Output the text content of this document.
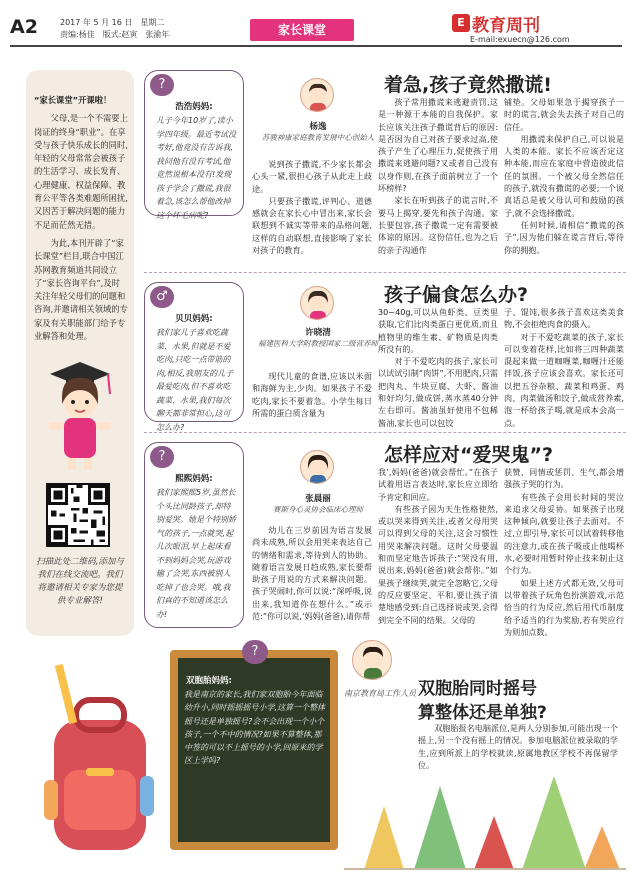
A2	2017 年 5 月 16 日　星期二
责编:杨佳　版式:赵寅　张渝年	家长课堂
E 教育周刊
E-mail:exuecn@126.com

“家长课堂”开课啦！

父母,是一个不需要上岗证的终身“职业”。在享受与孩子快乐成长的同时,年轻的父母常常会被孩子的生活学习、成长发育、心理健康、权益保障、教育公平等各类难题所困扰,又因苦于解决问题的能力不足而茫然无措。

为此,本刊开辟了“家长课堂”栏目,联合中国江苏网教育频道共同设立了“家长咨询平台”,及时关注年轻父母们的问题和咨询,并邀请相关领域的专家及有关职能部门给予专业解答和处理。

扫描此处二维码,添加与我们在线交流吧。我们将邀请相关专家为您提供专业解答!
?
浩浩妈妈:
儿子今年10岁了,读小学四年级。最近考试没考好,他竟没有告诉我,我问他有没有考试,他竟然说根本没有!发现孩子学会了撒谎,我很着急,该怎么帮他改掉这个坏毛病呢?
杨逸
苏骏神康家庭教育发展中心创始人
着急,孩子竟然撒谎!

说到孩子撒谎,不少家长都会心头一紧,很担心孩子从此走上歧途。
只要孩子撒谎,评判心、道德感就会在家长心中冒出来,家长会联想到不诚实等带来的品格问题,这样的自动联想,直接影响了家长对孩子的教育。

孩子常用撒谎来逃避责罚,这是一种源于本能的自我保护。家长应该关注孩子撒谎背后的原因:是否因为自己对孩子要求过高,使孩子产生了心理压力,促使孩子用撒谎来逃避问题?又或者自己没有以身作则,在孩子面前树立了一个坏榜样?
家长在听到孩子的谎言时,不要马上揭穿,要先和孩子沟通。家长要包容,孩子撒谎一定有需要被体谅的原因。这份信任,也为之后的亲子沟通作

铺垫。父母如果急于揭穿孩子一时的谎言,就会失去孩子对自己的信任。
用撒谎来保护自己,可以说是人类的本能。家长不应该否定这种本能,而应在家庭中营造彼此信任的氛围。一个被父母全然信任的孩子,就没有撒谎的必要;一个说真话总是被父母认可和鼓励的孩子,就不会选择撒谎。
任何时候,请相信“撒谎的孩子”,因为他们躲在谎言背后,等待你的拥抱。

♂
贝贝妈妈:
我们家儿子喜欢吃蔬菜、水果,但就是不爱吃肉,只吃一点带筋的肉,相反,我朋友的儿子最爱吃肉,但不喜欢吃蔬菜、水果,我们每次聊天都非常担心,这可怎么办?
许晓清
福建医科大学附教授国家二级营养师
孩子偏食怎么办?

现代儿童的食谱,应该以米面和海鲜为主,少肉。如果孩子不爱吃肉,家长不要着急。小学生每日所需的蛋白质含量为

30~40g,可以从鱼虾类、豆类里获取,它们比肉类蛋白更优质,而且植物里的维生素、矿物质是肉类所没有的。
对于不爱吃肉的孩子,家长可以试试引制“肉饼”,不用肥肉,只需把肉丸、牛块豆腐、大虾、酱油和好均匀,做成饼,蒸水蒸40分钟左右即可。酱油虽好使用不包稀酱油,家长也可以包饺

子、馄饨,很多孩子喜欢这类美食物,不会拒绝肉食的摄入。
对于不爱吃蔬菜的孩子,家长可以变着花样,比如将三四种蔬菜混起来做一道咖喱菜,咖喱汁还能拌饭,孩子应该会喜欢。家长还可以把五谷杂粮、蔬菜和鸡蛋、鸡肉、肉菜做汤和饺子,做成营养素,泡一杯给孩子喝,就是成本会高一点。

?
熙熙妈妈:
我们家熙熙5岁,虽然长个头比同龄孩子,却特别爱哭。她是个特别娇气的孩子,一点就哭,起儿次眼泪,早上起床看不到妈妈会哭,玩游戏输了会哭,东西被别人吃掉了也会哭。哦,我们真的不知道该怎么办!
张晨丽
赛斯身心灵协会临床心理师
怎样应对“爱哭鬼”?

幼儿在三岁前因为语言发展尚未成熟,所以会用哭来表达自己的情绪和需求,等待到人的协助。随着语言发展日趋成熟,家长要帮助孩子用说的方式来解决问题。孩子哭闹时,你可以说:“深呼吸,说出来,我知道你在想什么。”或示范:“你可以说,‘妈妈(爸爸),请你帮

我’,妈妈(爸爸)就会帮忙。”在孩子试着用语言表达时,家长应立即给予肯定和回应。
有些孩子因为天生性格使然,或以哭来得到关注,或者父母用哭可以得到父母的关注,这会习惯性用哭来解决问题。这时父母要温和而坚定地告诉孩子:“哭没有用,说出来,妈妈(爸爸)就会帮你。”如果孩子继续哭,就完全忽略它,父母的反应要坚定、平和,要让孩子清楚地感受到:自己选择说或哭,会得到完全不同的结果。父母的

获赞、同情或惩罚、生气,都会增强孩子哭的行为。
有些孩子会用长时间的哭泣来追求父母妥协。如果孩子出现这种倾向,就要让孩子去面对。不过,立即引导,家长可以试着转移他的注意力,或在孩子吸或止他喝杯水,必要时用暂时停止技来制止这个行为。
如果上述方式都无效,父母可以带着孩子玩角色扮演游戏,示范恰当的行为反应,然后用代币制度给予适当的行为奖励,若有哭应行为则加点数。

?
双胞胎妈妈:
我是南京的家长,我们家双胞胎今年面临幼升小,同时摇摇摇号小学,这算一个整体摇号还是单独摇号?会不会出现一个小个孩子,一个不中的情况?如果不算整体,那中签的可以不上摇号的小学,回原来的学区上学吗?
南京教育局工作人员 双胞胎同时摇号
算整体还是单独?

双胞胎报名电脑派位,是两人分别参加,可能出现一个摇上,另一个没有摇上的情况。参加电脑派位被录取的学生,应到所派上的学校就读,原属地教区学校不再保留学位。
